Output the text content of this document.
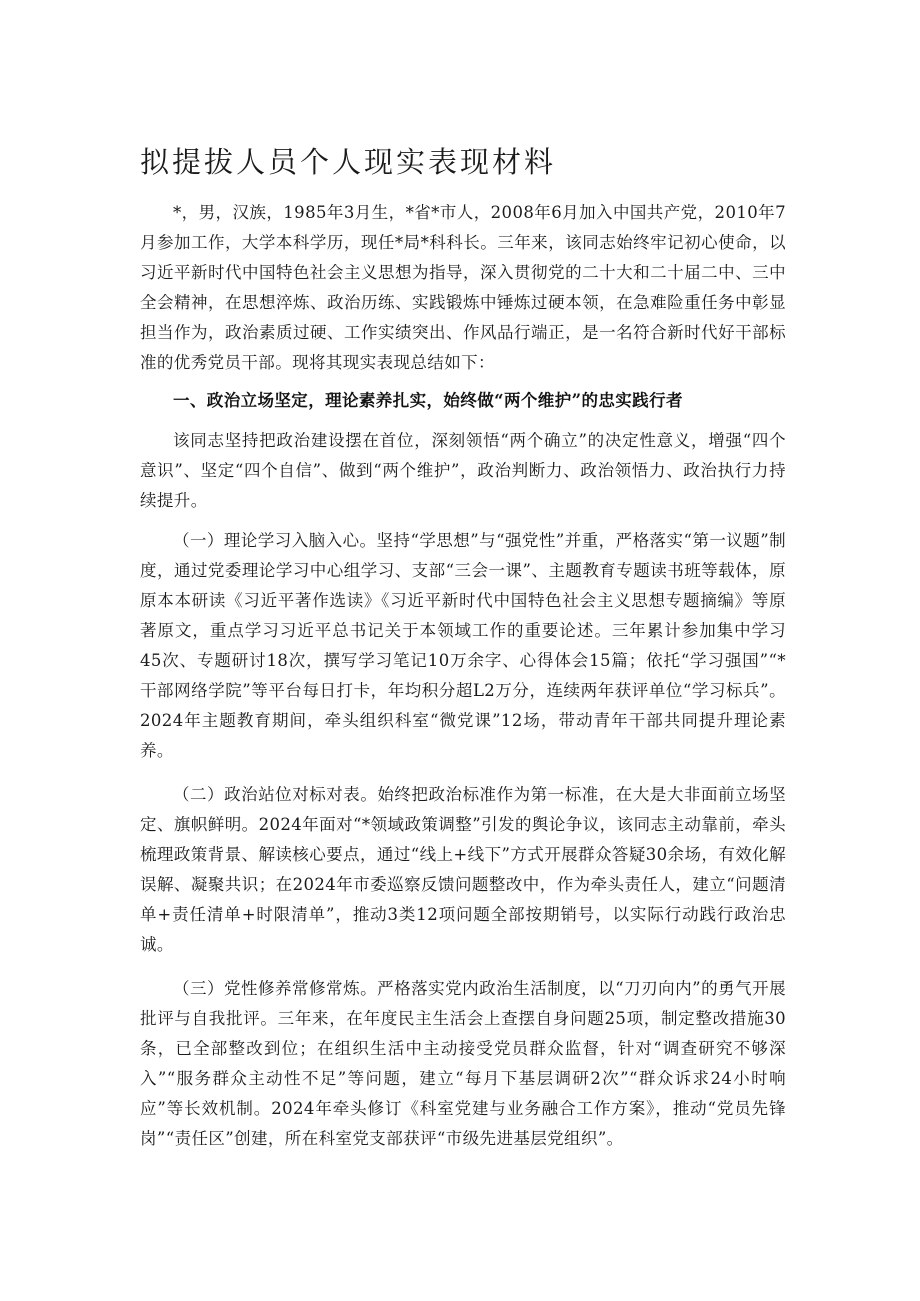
拟提拔人员个人现实表现材料

*，男，汉族，1985年3月生，*省*市人，2008年6月加入中国共产党，2010年7月参加工作，大学本科学历，现任*局*科科长。三年来，该同志始终牢记初心使命，以习近平新时代中国特色社会主义思想为指导，深入贯彻党的二十大和二十届二中、三中全会精神，在思想淬炼、政治历练、实践锻炼中锤炼过硬本领，在急难险重任务中彰显担当作为，政治素质过硬、工作实绩突出、作风品行端正，是一名符合新时代好干部标准的优秀党员干部。现将其现实表现总结如下：

一、政治立场坚定，理论素养扎实，始终做“两个维护”的忠实践行者

该同志坚持把政治建设摆在首位，深刻领悟“两个确立”的决定性意义，增强“四个意识”、坚定“四个自信”、做到“两个维护”，政治判断力、政治领悟力、政治执行力持续提升。

（一）理论学习入脑入心。坚持“学思想”与“强党性”并重，严格落实“第一议题”制度，通过党委理论学习中心组学习、支部“三会一课”、主题教育专题读书班等载体，原原本本研读《习近平著作选读》《习近平新时代中国特色社会主义思想专题摘编》等原著原文，重点学习习近平总书记关于本领域工作的重要论述。三年累计参加集中学习45次、专题研讨18次，撰写学习笔记10万余字、心得体会15篇；依托“学习强国”“*干部网络学院”等平台每日打卡，年均积分超L2万分，连续两年获评单位“学习标兵”。2024年主题教育期间，牵头组织科室“微党课”12场，带动青年干部共同提升理论素养。

（二）政治站位对标对表。始终把政治标准作为第一标准，在大是大非面前立场坚定、旗帜鲜明。2024年面对“*领域政策调整”引发的舆论争议，该同志主动靠前，牵头梳理政策背景、解读核心要点，通过“线上+线下”方式开展群众答疑30余场，有效化解误解、凝聚共识；在2024年市委巡察反馈问题整改中，作为牵头责任人，建立“问题清单+责任清单+时限清单”，推动3类12项问题全部按期销号，以实际行动践行政治忠诚。

（三）党性修养常修常炼。严格落实党内政治生活制度，以“刀刃向内”的勇气开展批评与自我批评。三年来，在年度民主生活会上查摆自身问题25项，制定整改措施30条，已全部整改到位；在组织生活中主动接受党员群众监督，针对“调查研究不够深入”“服务群众主动性不足”等问题，建立“每月下基层调研2次”“群众诉求24小时响应”等长效机制。2024年牵头修订《科室党建与业务融合工作方案》，推动“党员先锋岗”“责任区”创建，所在科室党支部获评“市级先进基层党组织”。
